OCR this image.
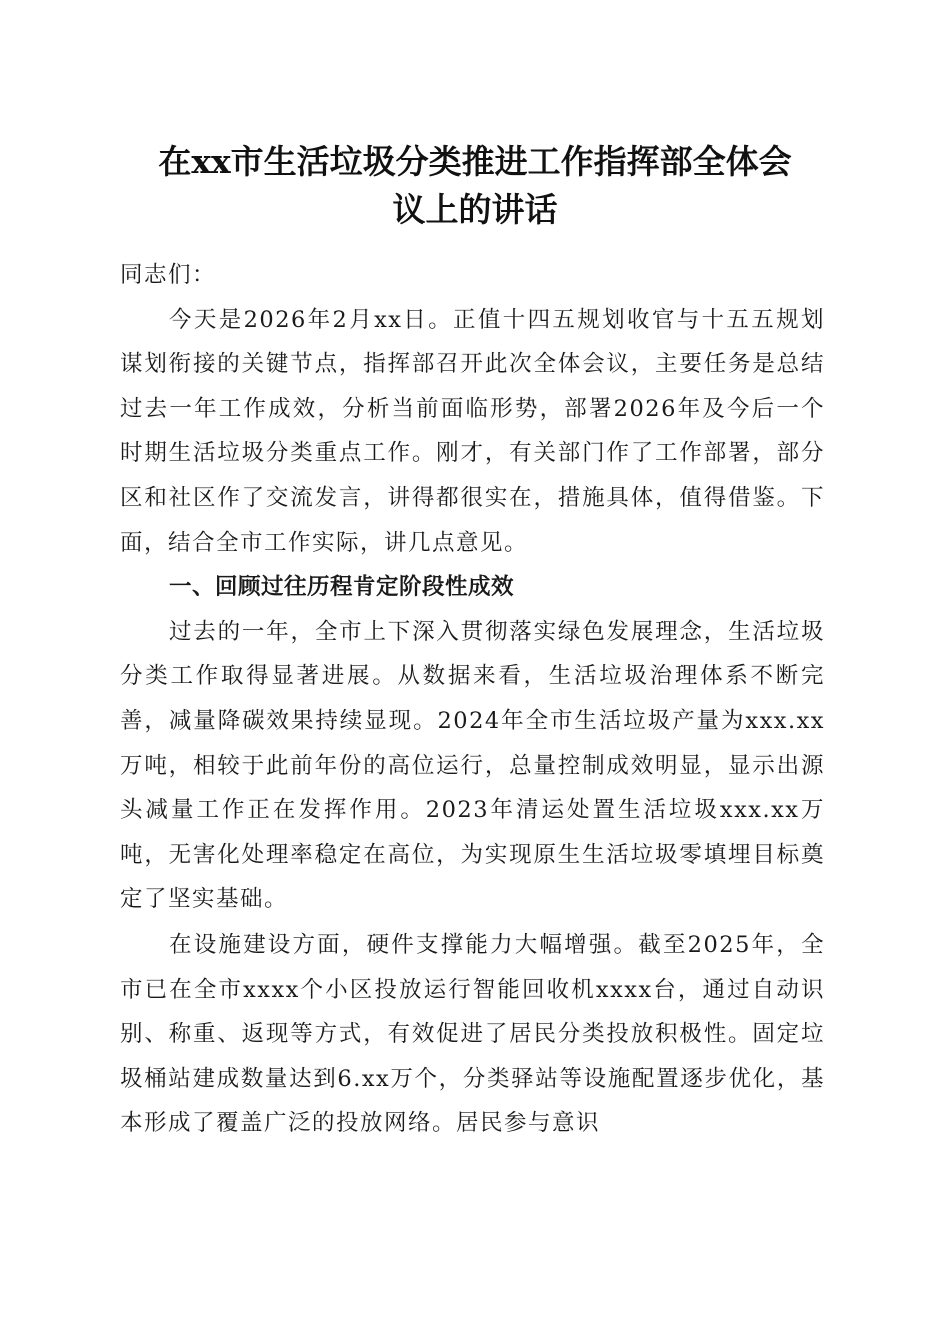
在xx市生活垃圾分类推进工作指挥部全体会
议上的讲话

同志们：

今天是2026年2月xx日。正值十四五规划收官与十五五规划谋划衔接的关键节点，指挥部召开此次全体会议，主要任务是总结过去一年工作成效，分析当前面临形势，部署2026年及今后一个时期生活垃圾分类重点工作。刚才，有关部门作了工作部署，部分区和社区作了交流发言，讲得都很实在，措施具体，值得借鉴。下面，结合全市工作实际，讲几点意见。

一、回顾过往历程肯定阶段性成效

过去的一年，全市上下深入贯彻落实绿色发展理念，生活垃圾分类工作取得显著进展。从数据来看，生活垃圾治理体系不断完善，减量降碳效果持续显现。2024年全市生活垃圾产量为xxx.xx万吨，相较于此前年份的高位运行，总量控制成效明显，显示出源头减量工作正在发挥作用。2023年清运处置生活垃圾xxx.xx万吨，无害化处理率稳定在高位，为实现原生生活垃圾零填埋目标奠定了坚实基础。

在设施建设方面，硬件支撑能力大幅增强。截至2025年，全市已在全市xxxx个小区投放运行智能回收机xxxx台，通过自动识别、称重、返现等方式，有效促进了居民分类投放积极性。固定垃圾桶站建成数量达到6.xx万个，分类驿站等设施配置逐步优化，基本形成了覆盖广泛的投放网络。居民参与意识
